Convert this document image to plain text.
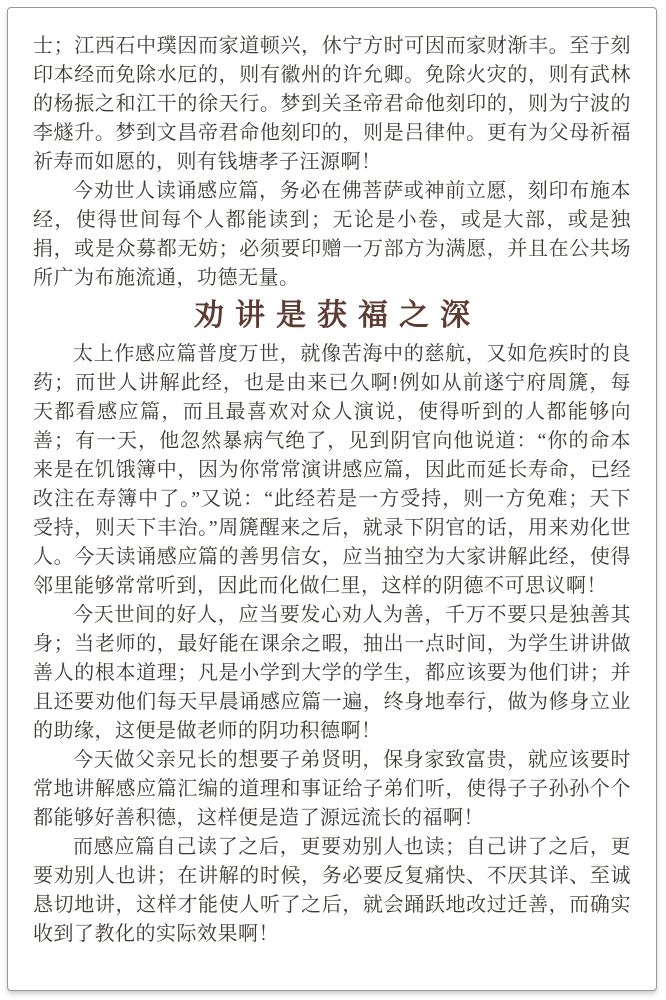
士；江西石中璞因而家道顿兴，休宁方时可因而家财渐丰。至于刻印本经而免除水厄的，则有徽州的许允卿。免除火灾的，则有武林的杨振之和江干的徐天行。梦到关圣帝君命他刻印的，则为宁波的李燧升。梦到文昌帝君命他刻印的，则是吕律仲。更有为父母祈福祈寿而如愿的，则有钱塘孝子汪源啊！

今劝世人读诵感应篇，务必在佛菩萨或神前立愿，刻印布施本经，使得世间每个人都能读到；无论是小卷，或是大部，或是独捐，或是众募都无妨；必须要印赠一万部方为满愿，并且在公共场所广为布施流通，功德无量。

劝讲是获福之深

太上作感应篇普度万世，就像苦海中的慈航，又如危疾时的良药；而世人讲解此经，也是由来已久啊!例如从前遂宁府周篪，每天都看感应篇，而且最喜欢对众人演说，使得听到的人都能够向善；有一天，他忽然暴病气绝了，见到阴官向他说道：“你的命本来是在饥饿簿中，因为你常常演讲感应篇，因此而延长寿命，已经改注在寿簿中了。”又说：“此经若是一方受持，则一方免难；天下受持，则天下丰治。”周篪醒来之后，就录下阴官的话，用来劝化世人。今天读诵感应篇的善男信女，应当抽空为大家讲解此经，使得邻里能够常常听到，因此而化做仁里，这样的阴德不可思议啊！

今天世间的好人，应当要发心劝人为善，千万不要只是独善其身；当老师的，最好能在课余之暇，抽出一点时间，为学生讲讲做善人的根本道理；凡是小学到大学的学生，都应该要为他们讲；并且还要劝他们每天早晨诵感应篇一遍，终身地奉行，做为修身立业的助缘，这便是做老师的阴功积德啊！

今天做父亲兄长的想要子弟贤明，保身家致富贵，就应该要时常地讲解感应篇汇编的道理和事证给子弟们听，使得子子孙孙个个都能够好善积德，这样便是造了源远流长的福啊！

而感应篇自己读了之后，更要劝别人也读；自己讲了之后，更要劝别人也讲；在讲解的时候，务必要反复痛快、不厌其详、至诚恳切地讲，这样才能使人听了之后，就会踊跃地改过迁善，而确实收到了教化的实际效果啊！
